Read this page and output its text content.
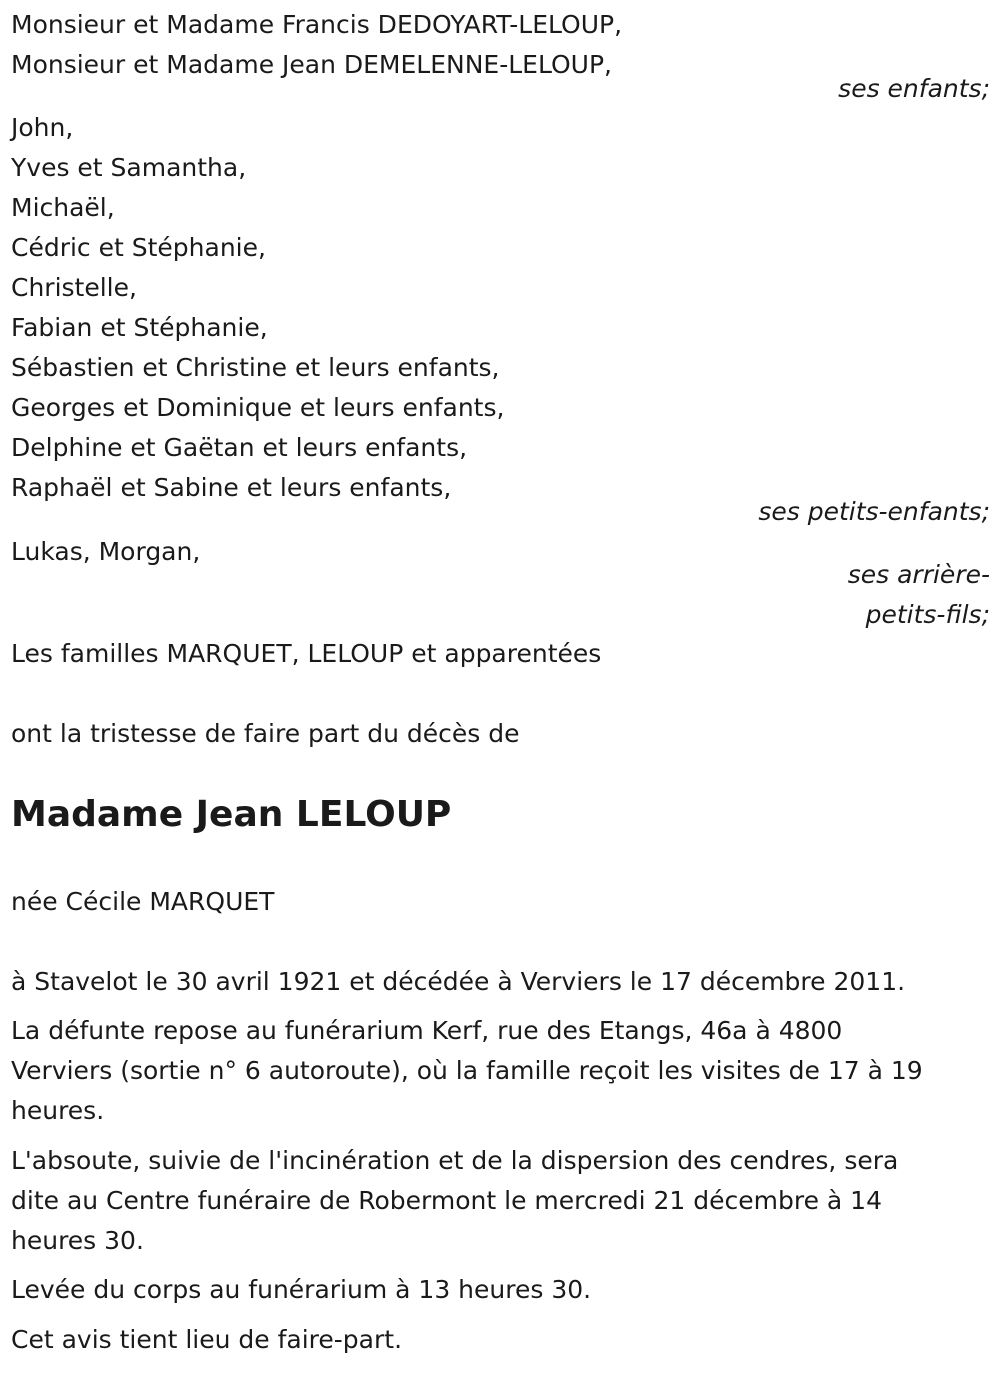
Monsieur et Madame Francis DEDOYART-LELOUP,
Monsieur et Madame Jean DEMELENNE-LELOUP,
ses enfants;
John,
Yves et Samantha,
Michaël,
Cédric et Stéphanie,
Christelle,
Fabian et Stéphanie,
Sébastien et Christine et leurs enfants,
Georges et Dominique et leurs enfants,
Delphine et Gaëtan et leurs enfants,
Raphaël et Sabine et leurs enfants,
ses petits-enfants;
Lukas, Morgan,
ses arrière-
petits-fils;
Les familles MARQUET, LELOUP et apparentées
ont la tristesse de faire part du décès de
Madame Jean LELOUP
née Cécile MARQUET
à Stavelot le 30 avril 1921 et décédée à Verviers le 17 décembre 2011.
La défunte repose au funérarium Kerf, rue des Etangs, 46a à 4800
Verviers (sortie n° 6 autoroute), où la famille reçoit les visites de 17 à 19
heures.
L'absoute, suivie de l'incinération et de la dispersion des cendres, sera
dite au Centre funéraire de Robermont le mercredi 21 décembre à 14
heures 30.
Levée du corps au funérarium à 13 heures 30.
Cet avis tient lieu de faire-part.
